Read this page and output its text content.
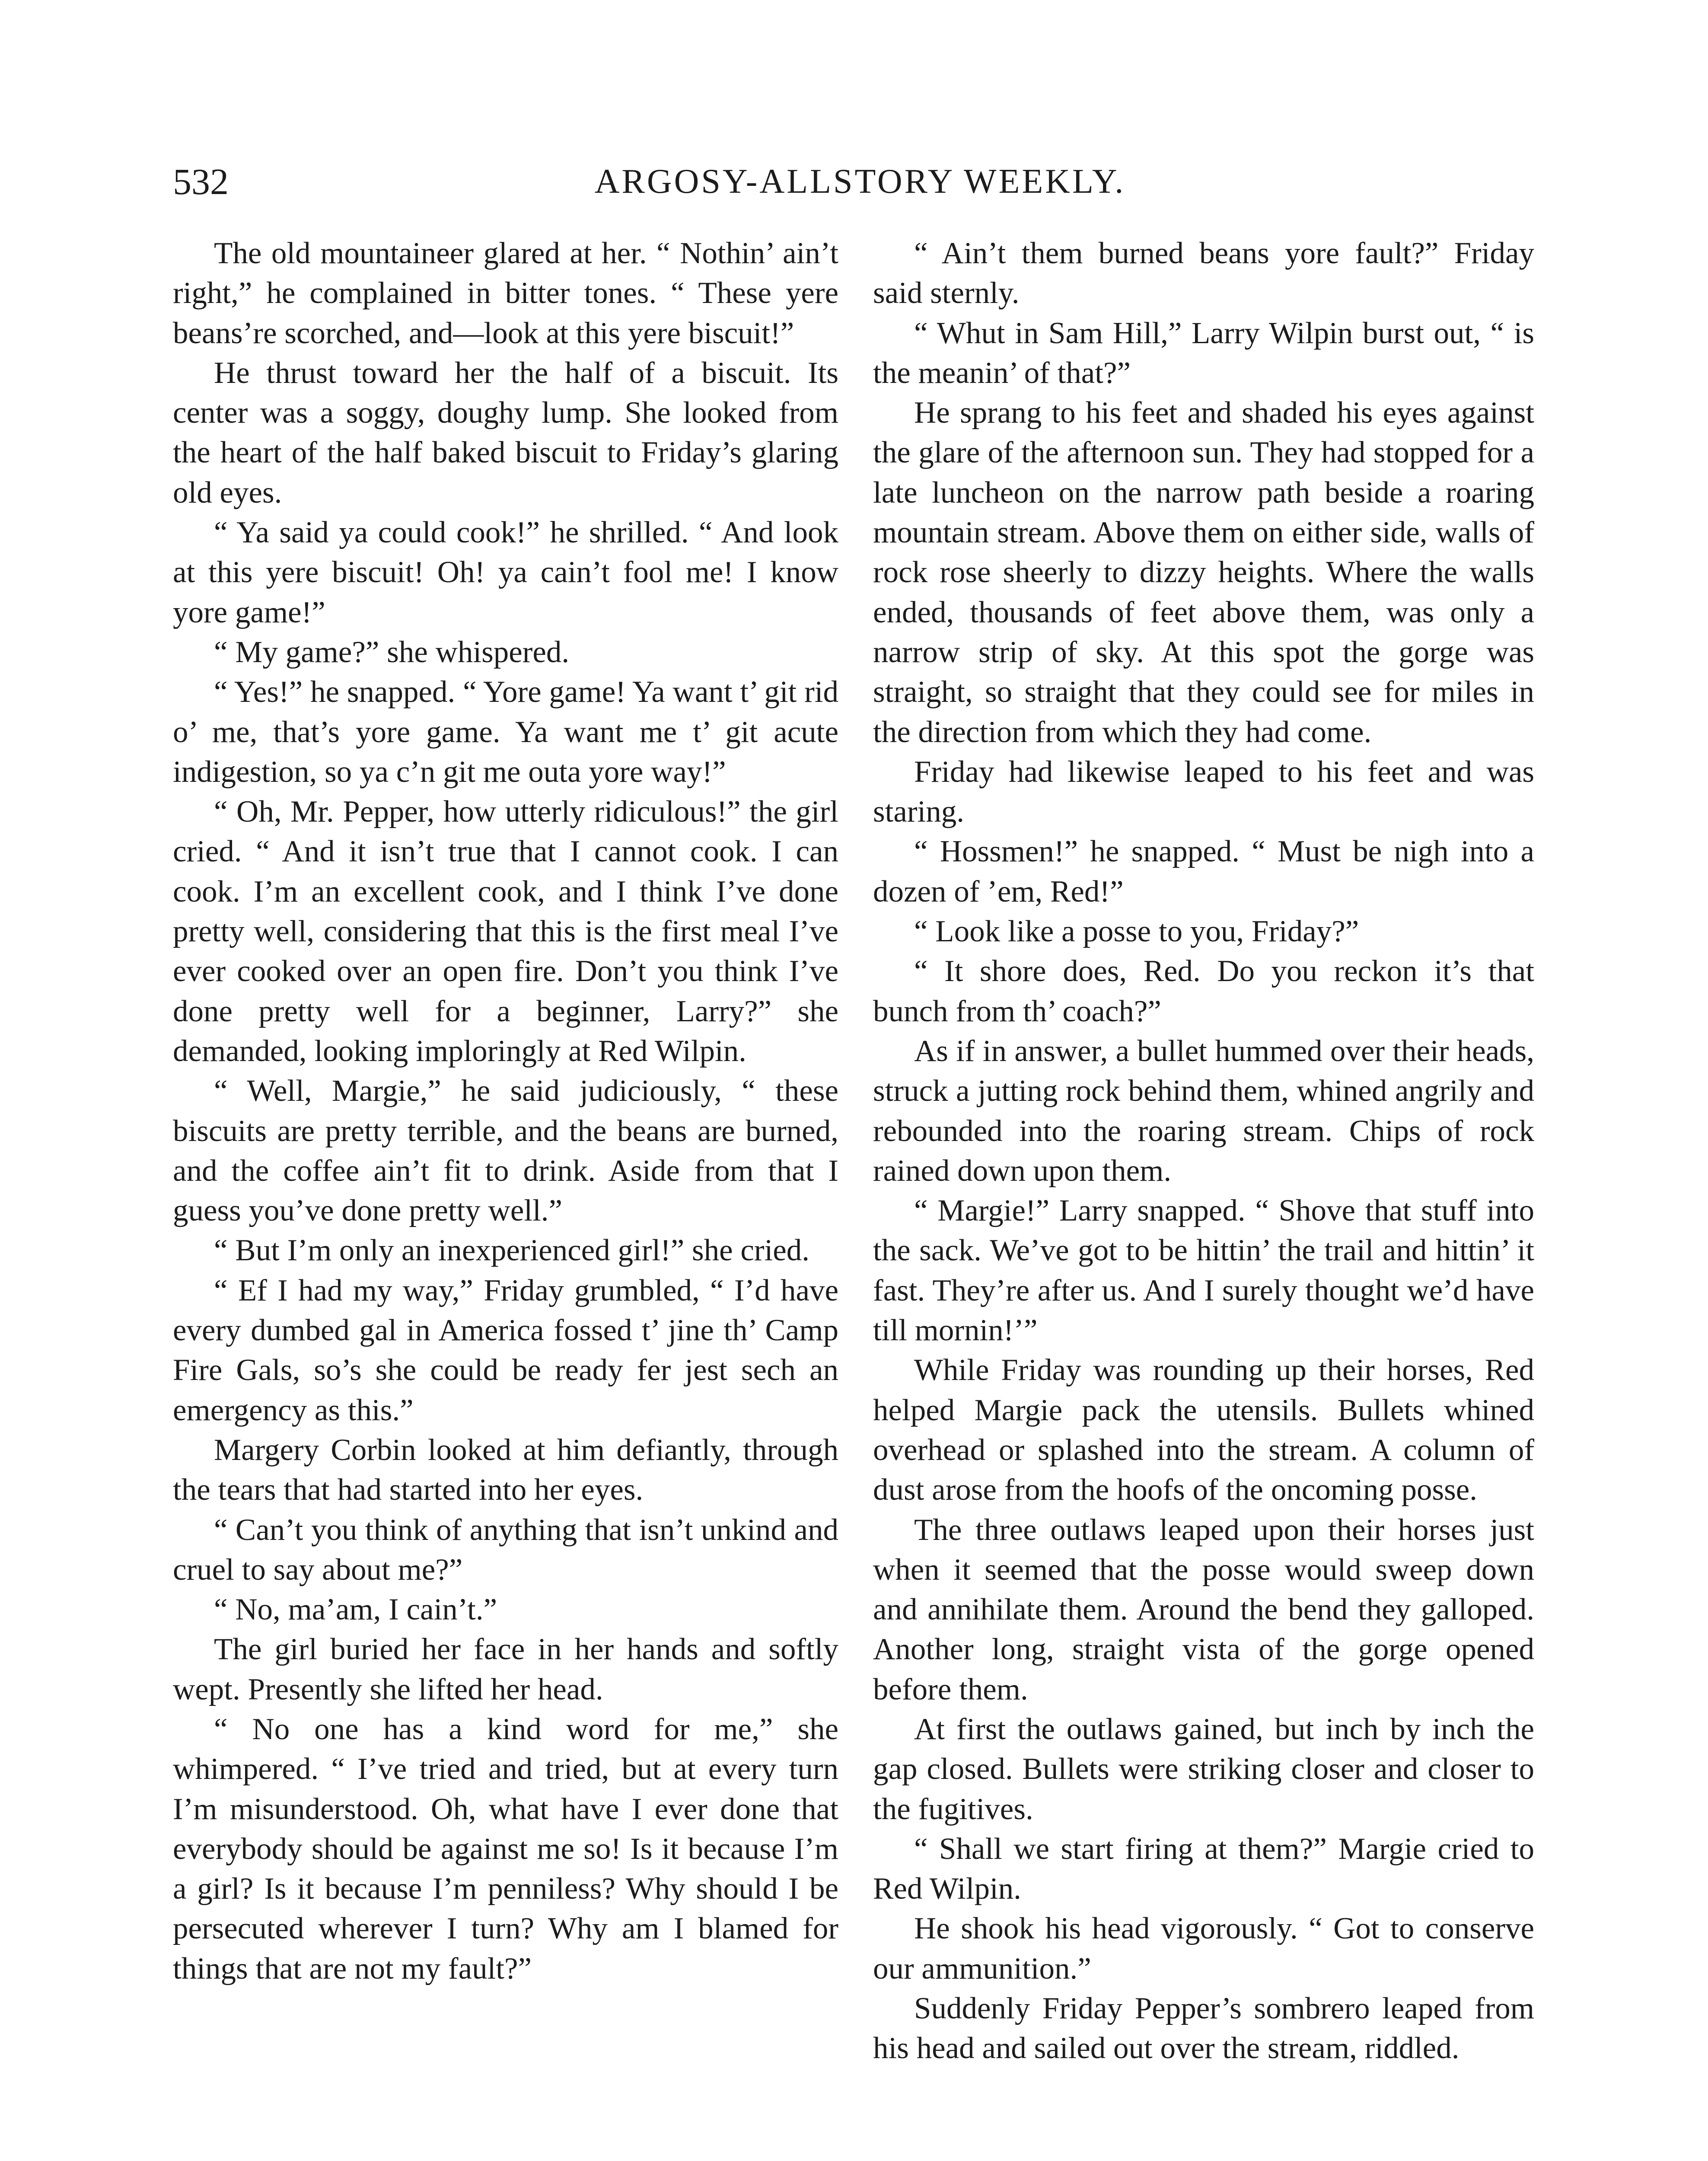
532	ARGOSY-ALLSTORY WEEKLY.

The old mountaineer glared at her. “ Nothin’ ain’t right,” he complained in bitter tones. “ These yere beans’re scorched, and—look at this yere biscuit!”

He thrust toward her the half of a biscuit. Its center was a soggy, doughy lump. She looked from the heart of the half baked biscuit to Friday’s glaring old eyes.

“ Ya said ya could cook!” he shrilled. “ And look at this yere biscuit! Oh! ya cain’t fool me! I know yore game!”

“ My game?” she whispered.

“ Yes!” he snapped. “ Yore game! Ya want t’ git rid o’ me, that’s yore game. Ya want me t’ git acute indigestion, so ya c’n git me outa yore way!”

“ Oh, Mr. Pepper, how utterly ridiculous!” the girl cried. “ And it isn’t true that I cannot cook. I can cook. I’m an excellent cook, and I think I’ve done pretty well, considering that this is the first meal I’ve ever cooked over an open fire. Don’t you think I’ve done pretty well for a beginner, Larry?” she demanded, looking imploringly at Red Wilpin.

“ Well, Margie,” he said judiciously, “ these biscuits are pretty terrible, and the beans are burned, and the coffee ain’t fit to drink. Aside from that I guess you’ve done pretty well.”

“ But I’m only an inexperienced girl!” she cried.

“ Ef I had my way,” Friday grumbled, “ I’d have every dumbed gal in America fossed t’ jine th’ Camp Fire Gals, so’s she could be ready fer jest sech an emergency as this.”

Margery Corbin looked at him defiantly, through the tears that had started into her eyes.

“ Can’t you think of anything that isn’t unkind and cruel to say about me?”

“ No, ma’am, I cain’t.”

The girl buried her face in her hands and softly wept. Presently she lifted her head.

“ No one has a kind word for me,” she whimpered. “ I’ve tried and tried, but at every turn I’m misunderstood. Oh, what have I ever done that everybody should be against me so! Is it because I’m a girl? Is it because I’m penniless? Why should I be persecuted wherever I turn? Why am I blamed for things that are not my fault?”

“ Ain’t them burned beans yore fault?” Friday said sternly.

“ Whut in Sam Hill,” Larry Wilpin burst out, “ is the meanin’ of that?”

He sprang to his feet and shaded his eyes against the glare of the afternoon sun. They had stopped for a late luncheon on the narrow path beside a roaring mountain stream. Above them on either side, walls of rock rose sheerly to dizzy heights. Where the walls ended, thousands of feet above them, was only a narrow strip of sky. At this spot the gorge was straight, so straight that they could see for miles in the direction from which they had come.

Friday had likewise leaped to his feet and was staring.

“ Hossmen!” he snapped. “ Must be nigh into a dozen of ’em, Red!”

“ Look like a posse to you, Friday?”

“ It shore does, Red. Do you reckon it’s that bunch from th’ coach?”

As if in answer, a bullet hummed over their heads, struck a jutting rock behind them, whined angrily and rebounded into the roaring stream. Chips of rock rained down upon them.

“ Margie!” Larry snapped. “ Shove that stuff into the sack. We’ve got to be hittin’ the trail and hittin’ it fast. They’re after us. And I surely thought we’d have till mornin!’”

While Friday was rounding up their horses, Red helped Margie pack the utensils. Bullets whined overhead or splashed into the stream. A column of dust arose from the hoofs of the oncoming posse.

The three outlaws leaped upon their horses just when it seemed that the posse would sweep down and annihilate them. Around the bend they galloped. Another long, straight vista of the gorge opened before them.

At first the outlaws gained, but inch by inch the gap closed. Bullets were striking closer and closer to the fugitives.

“ Shall we start firing at them?” Margie cried to Red Wilpin.

He shook his head vigorously. “ Got to conserve our ammunition.”

Suddenly Friday Pepper’s sombrero leaped from his head and sailed out over the stream, riddled.
